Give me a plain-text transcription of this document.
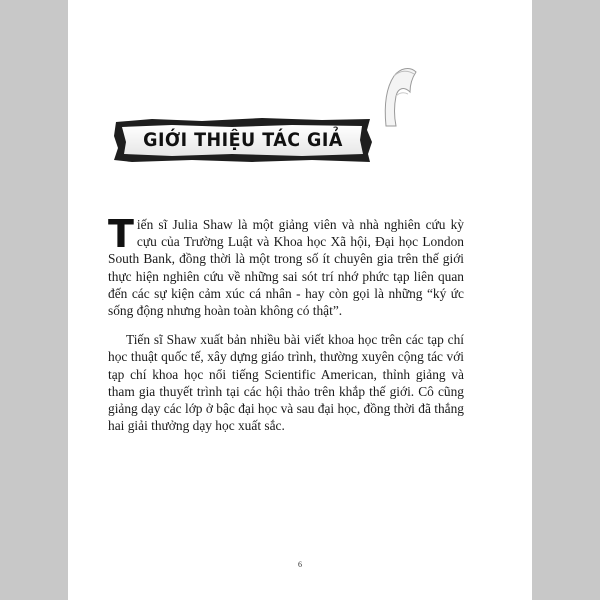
GIỚI THIỆU TÁC GIẢ

Tiến sĩ Julia Shaw là một giảng viên và nhà nghiên cứu kỳ cựu của Trường Luật và Khoa học Xã hội, Đại học London South Bank, đồng thời là một trong số ít chuyên gia trên thế giới thực hiện nghiên cứu về những sai sót trí nhớ phức tạp liên quan đến các sự kiện cảm xúc cá nhân - hay còn gọi là những “ký ức sống động nhưng hoàn toàn không có thật”.

Tiến sĩ Shaw xuất bản nhiều bài viết khoa học trên các tạp chí học thuật quốc tế, xây dựng giáo trình, thường xuyên cộng tác với tạp chí khoa học nổi tiếng Scientific American, thỉnh giảng và tham gia thuyết trình tại các hội thảo trên khắp thế giới. Cô cũng giảng dạy các lớp ở bậc đại học và sau đại học, đồng thời đã thắng hai giải thưởng dạy học xuất sắc.

6
